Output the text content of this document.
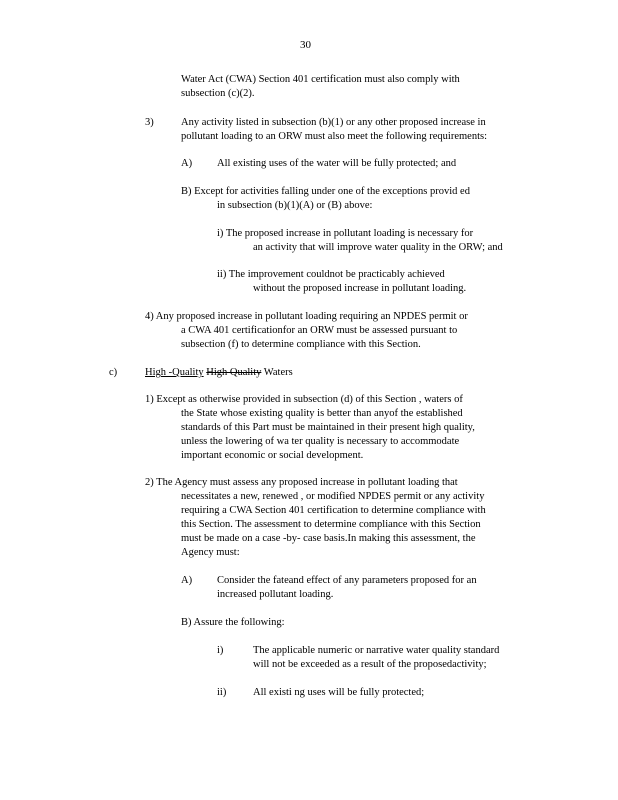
30
Water Act (CWA) Section 401 certification must also comply with
subsection (c)(2).
3)	Any activity listed in subsection (b)(1) or any other proposed increase in
pollutant loading to an ORW must also meet the following requirements:
A) All existing uses of the water will be fully protected; and
B) Except for activities falling under one of the exceptions provid ed
in subsection (b)(1)(A) or (B) above:
i) The proposed increase in pollutant loading is necessary for
an activity that will improve water quality in the ORW; and
ii) The improvement couldnot be practicably achieved
without the proposed increase in pollutant loading.
4) Any proposed increase in pollutant loading requiring an NPDES permit or
a CWA 401 certificationfor an ORW must be assessed pursuant to
subsection (f) to determine compliance with this Section.
c)	High -Quality High Quality Waters
1) Except as otherwise provided in subsection (d) of this Section , waters of
the State whose existing quality is better than anyof the established
standards of this Part must be maintained in their present high quality,
unless the lowering of wa ter quality is necessary to accommodate
important economic or social development.
2) The Agency must assess any proposed increase in pollutant loading that
necessitates a new, renewed , or modified NPDES permit or any activity
requiring a CWA Section 401 certification to determine compliance with
this Section. The assessment to determine compliance with this Section
must be made on a case -by- case basis.In making this assessment, the
Agency must:
A) Consider the fateand effect of any parameters proposed for an
increased pollutant loading.
B) Assure the following:
i)	The applicable numeric or narrative water quality standard
will not be exceeded as a result of the proposedactivity;
ii)	All existi ng uses will be fully protected;
